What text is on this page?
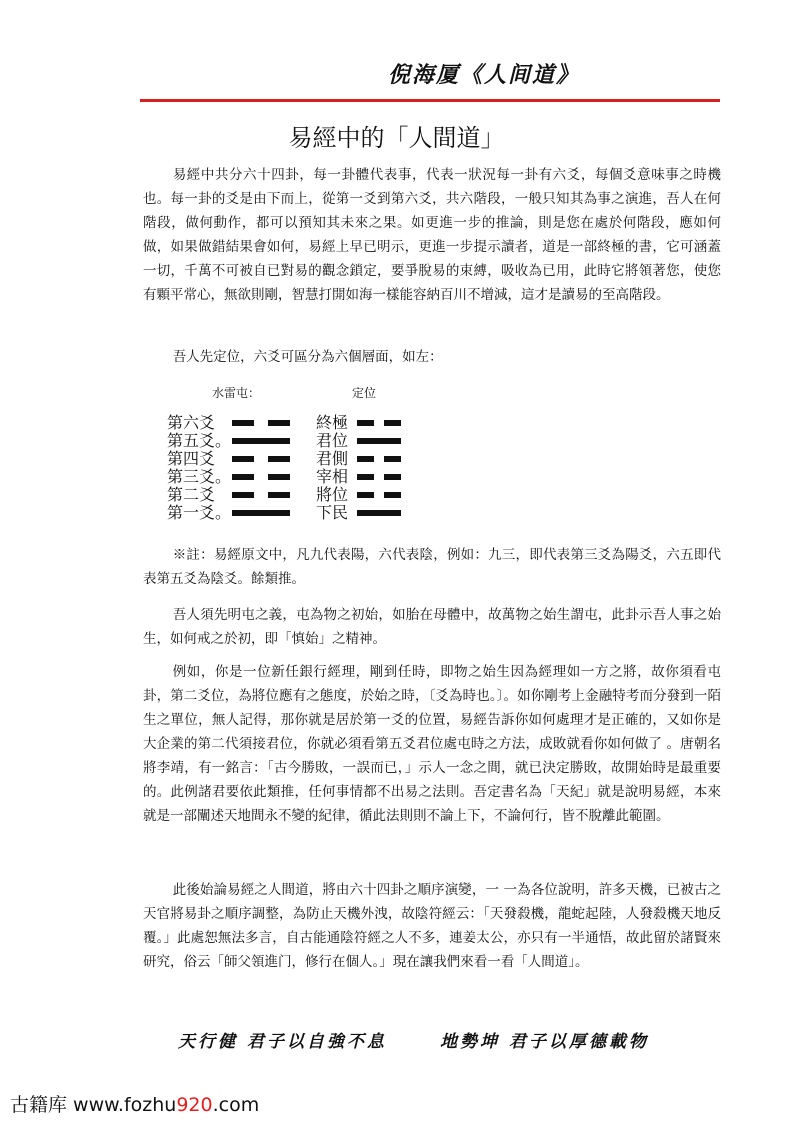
倪海厦《人间道》
易經中的「人間道」

易經中共分六十四卦，每一卦體代表事，代表一狀況每一卦有六爻，每個爻意味事之時機也。每一卦的爻是由下而上，從第一爻到第六爻，共六階段，一般只知其為事之演進，吾人在何階段，做何動作，都可以預知其未來之果。如更進一步的推論，則是您在處於何階段，應如何做，如果做錯結果會如何，易經上早已明示，更進一步提示讀者，道是一部終極的書，它可涵蓋一切，千萬不可被自已對易的觀念鎖定，要爭脫易的束縛，吸收為已用，此時它將領著您，使您有顆平常心，無欲則剛，智慧打開如海一樣能容納百川不增減，這才是讀易的至高階段。

吾人先定位，六爻可區分為六個層面，如左：

水雷屯：	定位
第六爻
第五爻。
第四爻
第三爻。
第二爻
第一爻。
終極
君位
君側
宰相
將位
下民

※註：易經原文中，凡九代表陽，六代表陰，例如：九三，即代表第三爻為陽爻，六五即代表第五爻為陰爻。餘類推。

吾人須先明屯之義，屯為物之初始，如胎在母體中，故萬物之始生謂屯，此卦示吾人事之始生，如何戒之於初，即「慎始」之精神。

例如，你是一位新任銀行經理，剛到任時，即物之始生因為經理如一方之將，故你須看屯卦，第二爻位，為將位應有之態度，於始之時，〔爻為時也。〕。如你剛考上金融特考而分發到一陌生之單位，無人記得，那你就是居於第一爻的位置，易經告訴你如何處理才是正確的，又如你是大企業的第二代須接君位，你就必須看第五爻君位處屯時之方法，成敗就看你如何做了 。唐朝名將李靖，有一銘言：「古今勝敗，一誤而已，」示人一念之間，就已決定勝敗，故開始時是最重要的。此例諸君要依此類推，任何事情都不出易之法則。吾定書名為「天紀」就是說明易經，本來就是一部闡述天地間永不變的紀律，循此法則則不論上下，不論何行，皆不脫離此範圍。

此後始論易經之人間道，將由六十四卦之順序演變，一 一為各位說明，許多天機，已被古之天官將易卦之順序調整，為防止天機外洩，故陰符經云：「天發殺機，龍蛇起陸，人發殺機天地反覆。」此處恕無法多言，自古能通陰符經之人不多，連姜太公，亦只有一半通悟，故此留於諸賢來研究，俗云「師父領進门，修行在個人。」現在讓我們來看一看「人間道」。

天行健 君子以自強不息	地勢坤 君子以厚德載物
古籍库 www.fozhu920.com
